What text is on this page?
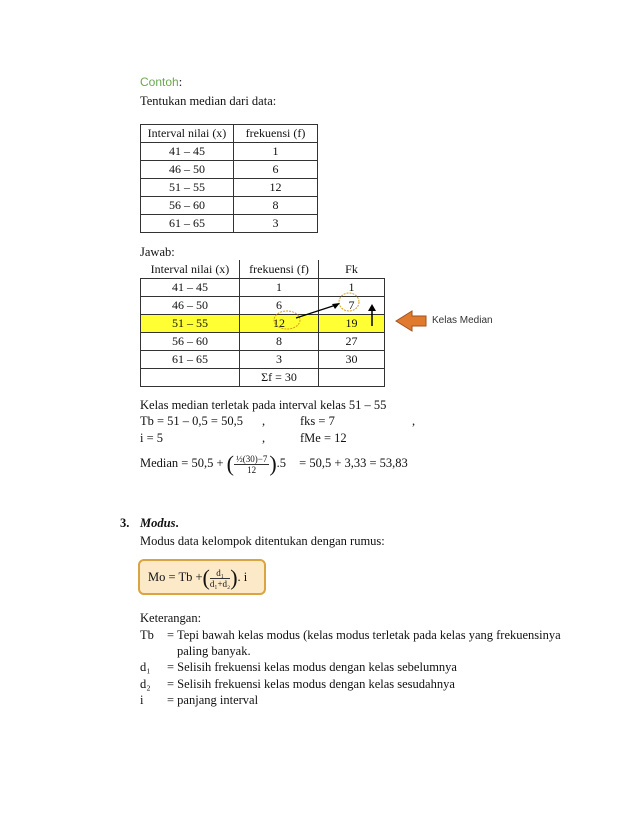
Contoh:
Tentukan median dari data:
Interval nilai (x)	frekuensi (f)
41 – 45	1
46 – 50	6
51 – 55	12
56 – 60	8
61 – 65	3
Jawab:
Interval nilai (x)	frekuensi (f)	Fk
41 – 45	1	1
46 – 50	6	7
51 – 55	12	19
56 – 60	8	27
61 – 65	3	30
	Σf = 30	
Kelas Median
Kelas median terletak pada interval kelas 51 – 55
Tb = 51 – 0,5 = 50,5 ,	fks = 7	,
i = 5	,	fMe = 12
Median = 50,5 + ( $\frac{\text{½(30)−7}}{12} ).5 = 50,5 + 3,33 = 53,83$
3. Modus.
Modus data kelompok ditentukan dengan rumus:
Mo = Tb +( $\frac{\text{d₁}}{\text{d₁+d₂}}$ ). i
Keterangan:
Tb = Tepi bawah kelas modus (kelas modus terletak pada kelas yang frekuensinya
paling banyak.
d₁ = Selisih frekuensi kelas modus dengan kelas sebelumnya
d₂ = Selisih frekuensi kelas modus dengan kelas sesudahnya
i = panjang interval
